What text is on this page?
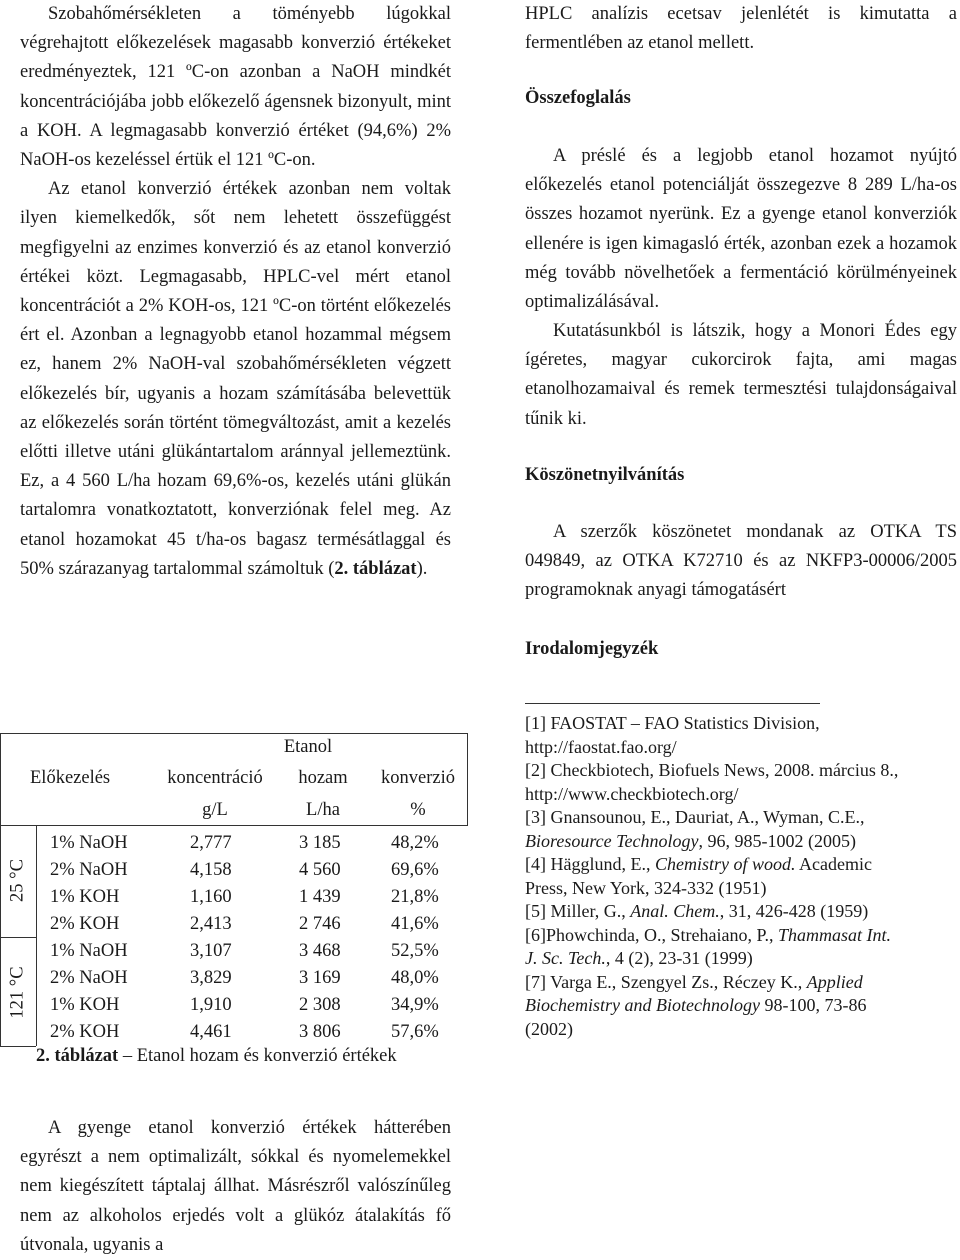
Szobahőmérsékleten a töményebb lúgokkal végrehajtott előkezelések magasabb konverzió értékeket eredményeztek, 121 ºC-on azonban a NaOH mindkét koncentrációjába jobb előkezelő ágensnek bizonyult, mint a KOH. A legmagasabb konverzió értéket (94,6%) 2% NaOH-os kezeléssel értük el 121 ºC-on.

Az etanol konverzió értékek azonban nem voltak ilyen kiemelkedők, sőt nem lehetett összefüggést megfigyelni az enzimes konverzió és az etanol konverzió értékei közt. Legmagasabb, HPLC-vel mért etanol koncentrációt a 2% KOH-os, 121 ºC-on történt előkezelés ért el. Azonban a legnagyobb etanol hozammal mégsem ez, hanem 2% NaOH-val szobahőmérsékleten végzett előkezelés bír, ugyanis a hozam számításába belevettük az előkezelés során történt tömegváltozást, amit a kezelés előtti illetve utáni glükántartalom aránnyal jellemeztünk. Ez, a 4 560 L/ha hozam 69,6%-os, kezelés utáni glükán tartalomra vonatkoztatott, konverziónak felel meg. Az etanol hozamokat 45 t/ha-os bagasz termésátlaggal és 50% szárazanyag tartalommal számoltuk (2. táblázat).

Etanol
Előkezelés	koncentráció	hozam	konverzió
g/L	L/ha	%
25 °C
121 °C
1% NaOH	2,777	3 185	48,2%
2% NaOH	4,158	4 560	69,6%
1% KOH	1,160	1 439	21,8%
2% KOH	2,413	2 746	41,6%
1% NaOH	3,107	3 468	52,5%
2% NaOH	3,829	3 169	48,0%
1% KOH	1,910	2 308	34,9%
2% KOH	4,461	3 806	57,6%
2. táblázat – Etanol hozam és konverzió értékek

A gyenge etanol konverzió értékek hátterében egyrészt a nem optimalizált, sókkal és nyomelemekkel nem kiegészített táptalaj állhat. Másrészről valószínűleg nem az alkoholos erjedés volt a glükóz átalakítás fő útvonala, ugyanis a

HPLC analízis ecetsav jelenlétét is kimutatta a fermentlében az etanol mellett.

Összefoglalás

A préslé és a legjobb etanol hozamot nyújtó előkezelés etanol potenciálját összegezve 8 289 L/ha-os összes hozamot nyerünk. Ez a gyenge etanol konverziók ellenére is igen kimagasló érték, azonban ezek a hozamok még tovább növelhetőek a fermentáció körülményeinek optimalizálásával.

Kutatásunkból is látszik, hogy a Monori Édes egy ígéretes, magyar cukorcirok fajta, ami magas etanolhozamaival és remek termesztési tulajdonságaival tűnik ki.

Köszönetnyilvánítás

A szerzők köszönetet mondanak az OTKA TS 049849, az OTKA K72710 és az NKFP3-00006/2005 programoknak anyagi támogatásért

Irodalomjegyzék

[1] FAOSTAT – FAO Statistics Division,

http://faostat.fao.org/

[2] Checkbiotech, Biofuels News, 2008. március 8.,

http://www.checkbiotech.org/

[3] Gnansounou, E., Dauriat, A., Wyman, C.E.,

Bioresource Technology, 96, 985-1002 (2005)

[4] Hägglund, E., Chemistry of wood. Academic

Press, New York, 324-332 (1951)

[5] Miller, G., Anal. Chem., 31, 426-428 (1959)

[6]Phowchinda, O., Strehaiano, P., Thammasat Int.

J. Sc. Tech., 4 (2), 23-31 (1999)

[7] Varga E., Szengyel Zs., Réczey K., Applied

Biochemistry and Biotechnology 98-100, 73-86

(2002)
